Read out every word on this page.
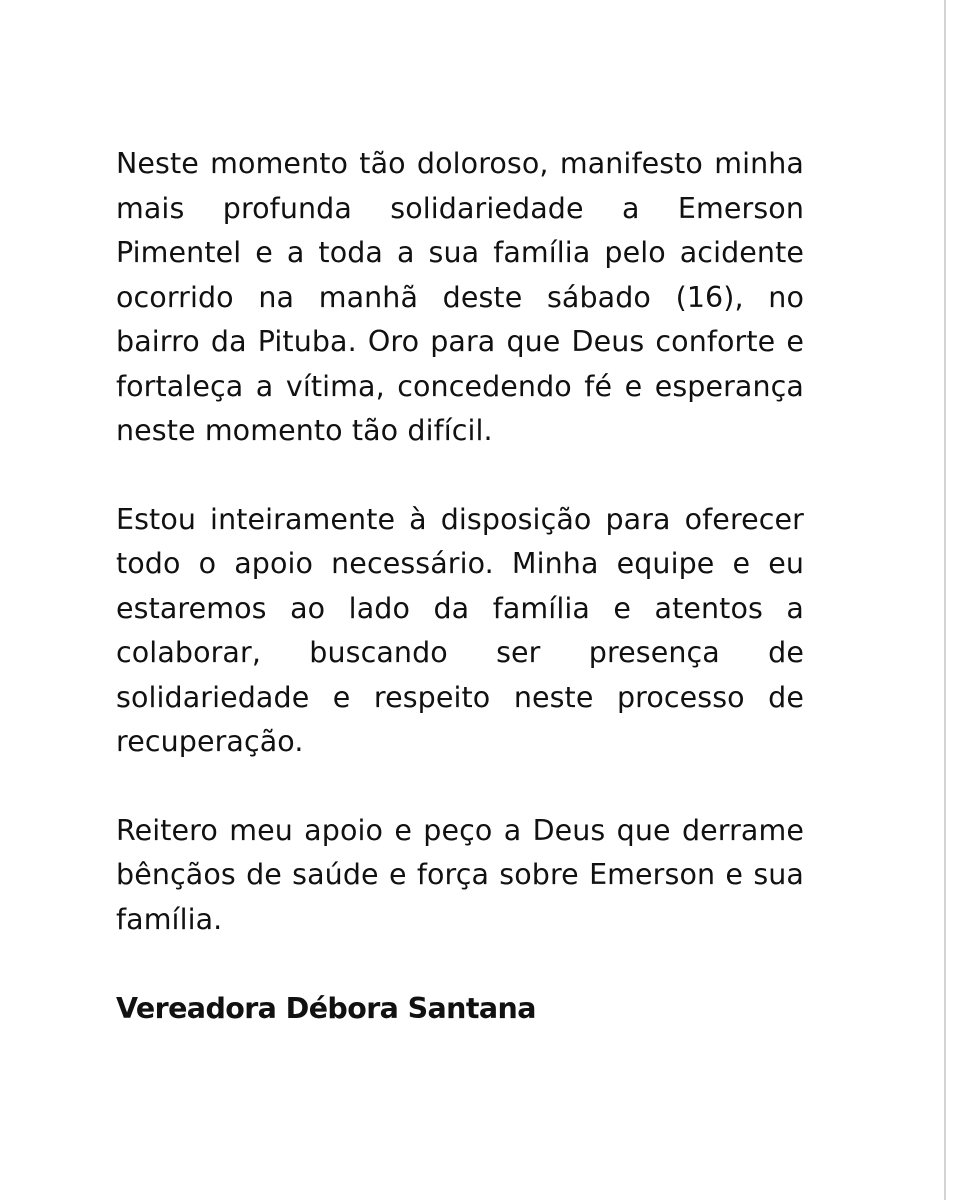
Neste momento tão doloroso, manifesto minha mais profunda solidariedade a Emerson Pimentel e a toda a sua família pelo acidente ocorrido na manhã deste sábado (16), no bairro da Pituba. Oro para que Deus conforte e fortaleça a vítima, concedendo fé e esperança neste momento tão difícil.

Estou inteiramente à disposição para oferecer todo o apoio necessário. Minha equipe e eu estaremos ao lado da família e atentos a colaborar, buscando ser presença de solidariedade e respeito neste processo de recuperação.

Reitero meu apoio e peço a Deus que derrame bênçãos de saúde e força sobre Emerson e sua família.

Vereadora Débora Santana
